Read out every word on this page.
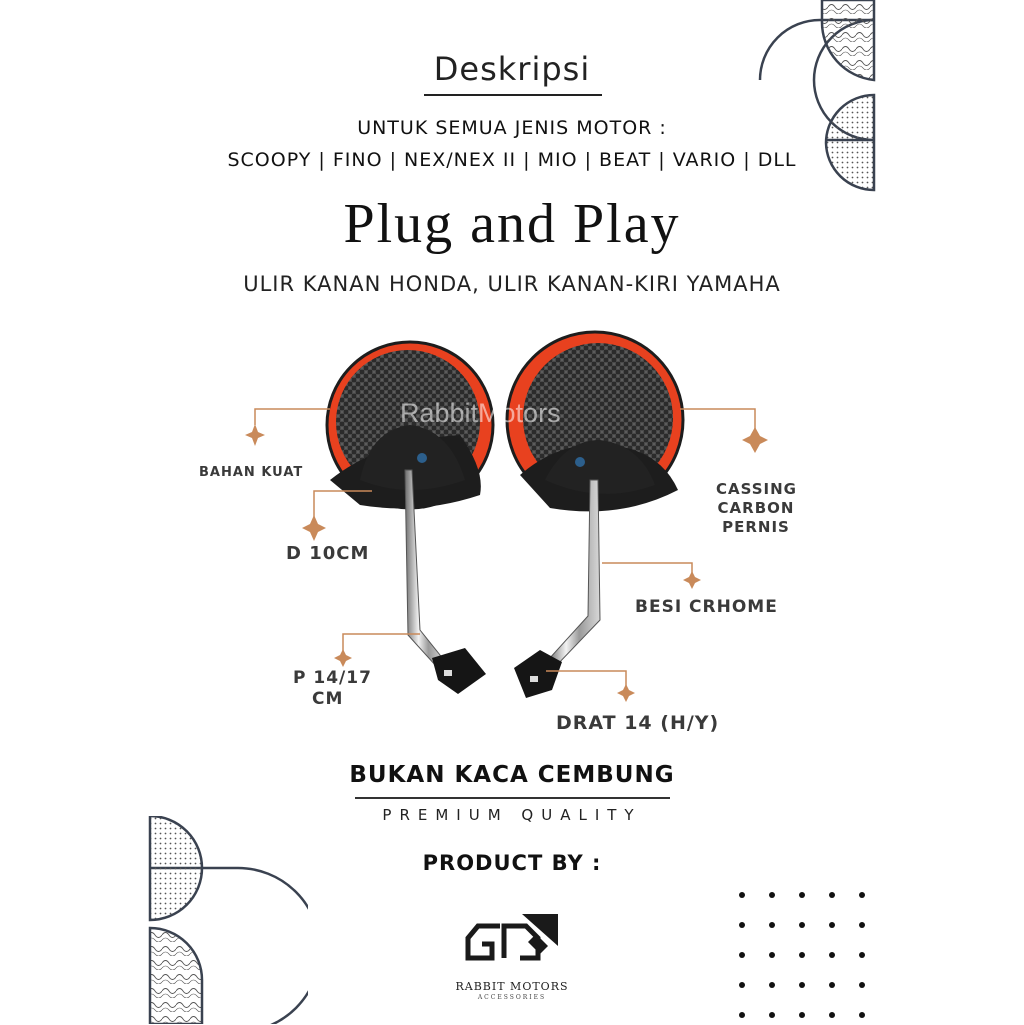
Deskripsi
UNTUK SEMUA JENIS MOTOR :
SCOOPY | FINO | NEX/NEX II | MIO | BEAT | VARIO | DLL
Plug and Play
ULIR KANAN HONDA, ULIR KANAN-KIRI YAMAHA
RabbitMotors
BAHAN KUAT
D 10CM
P 14/17
CM
CASSING
CARBON
PERNIS
BESI CRHOME
DRAT 14 (H/Y)
BUKAN KACA CEMBUNG
PREMIUM QUALITY
PRODUCT BY :
RABBIT MOTORS
ACCESSORIES
